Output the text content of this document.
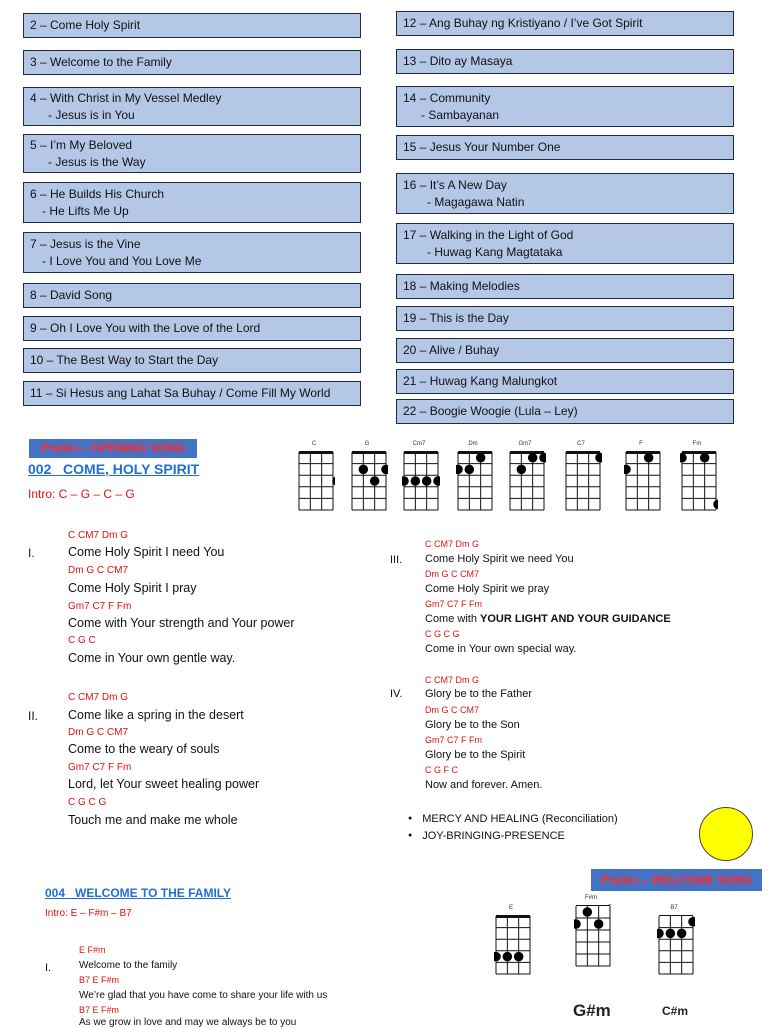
2 – Come Holy Spirit
3 – Welcome to the Family
4 – With Christ in My Vessel Medley
- Jesus is in You
5 – I’m My Beloved
- Jesus is the Way
6 – He Builds His Church
- He Lifts Me Up
7 – Jesus is the Vine
- I Love You and You Love Me
8 – David Song
9 – Oh I Love You with the Love of the Lord
10 – The Best Way to Start the Day
11 – Si Hesus ang Lahat Sa Buhay / Come Fill My World
12 – Ang Buhay ng Kristiyano / I’ve Got Spirit
13 – Dito ay Masaya
14 – Community
- Sambayanan
15 – Jesus Your Number One
16 – It’s A New Day
- Magagawa Natin
17 – Walking in the Light of God
- Huwag Kang Magtataka
18 – Making Melodies
19 – This is the Day
20 – Alive / Buhay
21 – Huwag Kang Malungkot
22 – Boogie Woogie (Lula – Ley)
Prelim – OPENING SONG
002   COME, HOLY SPIRIT
Intro: C – G – C – G
C	G	Cm7	Dm	Gm7	C7	F	Fm
I.
C CM7 Dm G
Come Holy Spirit I need You
Dm G C CM7
Come Holy Spirit I pray
Gm7 C7 F Fm
Come with Your strength and Your power
C G C
Come in Your own gentle way.
II.
C CM7 Dm G
Come like a spring in the desert
Dm G C CM7
Come to the weary of souls
Gm7 C7 F Fm
Lord, let Your sweet healing power
C G C G
Touch me and make me whole
III.
C CM7 Dm G
Come Holy Spirit we need You
Dm G C CM7
Come Holy Spirit we pray
Gm7 C7 F Fm
Come with YOUR LIGHT AND YOUR GUIDANCE
C G C G
Come in Your own special way.
IV.
C CM7 Dm G
Glory be to the Father
Dm G C CM7
Glory be to the Son
Gm7 C7 F Fm
Glory be to the Spirit
C G F C
Now and forever. Amen.
● MERCY AND HEALING (Reconciliation)
● JOY-BRINGING-PRESENCE
Prelim – WELCOME SONG
004   WELCOME TO THE FAMILY
Intro: E – F#m – B7	E
F#m
B7
I.
E F#m
Welcome to the family
B7 E F#m
We’re glad that you have come to share your life with us
B7 E F#m
As we grow in love and may we always be to you
G#m	C#m
